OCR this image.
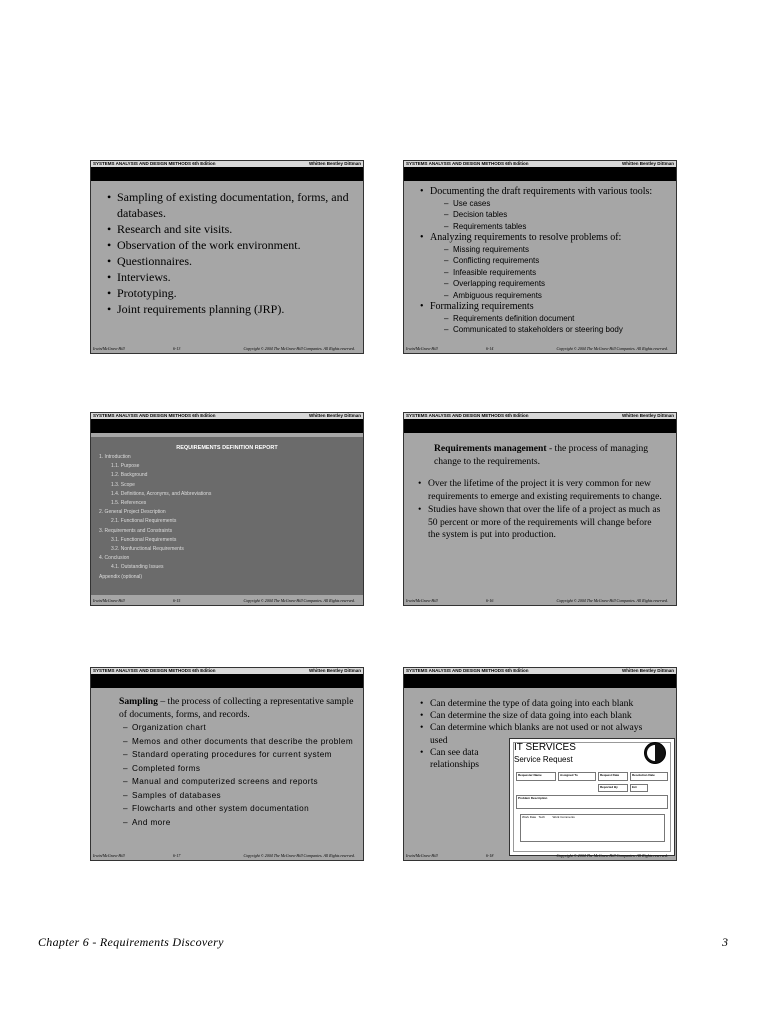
SYSTEMS ANALYSIS AND DESIGN METHODS 6th Edition	Whitten Bentley Dittman
• Sampling of existing documentation, forms, and databases.
• Research and site visits.
• Observation of the work environment.
• Questionnaires.
• Interviews.
• Prototyping.
• Joint requirements planning (JRP).
Irwin/McGraw-Hill	6-13	Copyright © 2004 The McGraw-Hill Companies. All Rights reserved.
SYSTEMS ANALYSIS AND DESIGN METHODS 6th Edition	Whitten Bentley Dittman
• Documenting the draft requirements with various tools:
– Use cases
– Decision tables
– Requirements tables
• Analyzing requirements to resolve problems of:
– Missing requirements
– Conflicting requirements
– Infeasible requirements
– Overlapping requirements
– Ambiguous requirements
• Formalizing requirements
– Requirements definition document
– Communicated to stakeholders or steering body
Irwin/McGraw-Hill	6-14	Copyright © 2004 The McGraw-Hill Companies. All Rights reserved.
SYSTEMS ANALYSIS AND DESIGN METHODS 6th Edition	Whitten Bentley Dittman
REQUIREMENTS DEFINITION REPORT
1. Introduction
1.1. Purpose
1.2. Background
1.3. Scope
1.4. Definitions, Acronyms, and Abbreviations
1.5. References
2. General Project Description
2.1. Functional Requirements
3. Requirements and Constraints
3.1. Functional Requirements
3.2. Nonfunctional Requirements
4. Conclusion
4.1. Outstanding Issues
Appendix (optional)
Irwin/McGraw-Hill	6-15	Copyright © 2004 The McGraw-Hill Companies. All Rights reserved.
SYSTEMS ANALYSIS AND DESIGN METHODS 6th Edition	Whitten Bentley Dittman
Requirements management - the process of managing change to the requirements.
• Over the lifetime of the project it is very common for new requirements to emerge and existing requirements to change.
• Studies have shown that over the life of a project as much as 50 percent or more of the requirements will change before the system is put into production.
Irwin/McGraw-Hill	6-16	Copyright © 2004 The McGraw-Hill Companies. All Rights reserved.
SYSTEMS ANALYSIS AND DESIGN METHODS 6th Edition	Whitten Bentley Dittman
Sampling – the process of collecting a representative sample of documents, forms, and records.
– Organization chart
– Memos and other documents that describe the problem
– Standard operating procedures for current system
– Completed forms
– Manual and computerized screens and reports
– Samples of databases
– Flowcharts and other system documentation
– And more
Irwin/McGraw-Hill	6-17	Copyright © 2004 The McGraw-Hill Companies. All Rights reserved.
SYSTEMS ANALYSIS AND DESIGN METHODS 6th Edition	Whitten Bentley Dittman
• Can determine the type of data going into each blank
• Can determine the size of data going into each blank
• Can determine which blanks are not used or not always used
• Can see data relationships
IT SERVICES
Service Request
Requester Name	Assigned To	Request Date	Resolution Date
Reported By	Ext
Problem Description
Work Date Tech	Work Comments
Irwin/McGraw-Hill	6-18	Copyright © 2004 The McGraw-Hill Companies. All Rights reserved.
Chapter 6 - Requirements Discovery	3
